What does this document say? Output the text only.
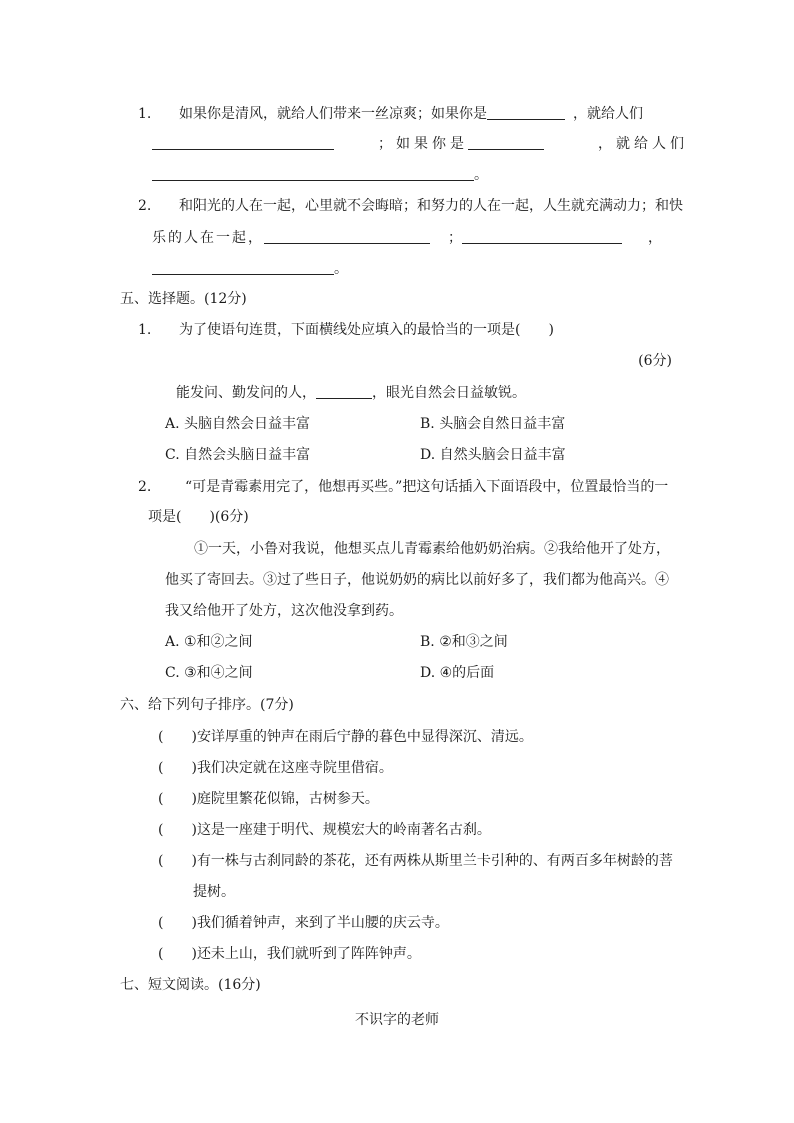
1. 如果你是清风，就给人们带来一丝凉爽；如果你是	，就给人们
；如果你是	，就给人们
。
2. 和阳光的人在一起，心里就不会晦暗；和努力的人在一起，人生就充满动力；和快
乐的人在一起，	；	，
。
五、选择题。(12分)
1. 为了使语句连贯，下面横线处应填入的最恰当的一项是(　　)
(6分)
能发问、勤发问的人，	，眼光自然会日益敏锐。
A. 头脑自然会日益丰富	B. 头脑会自然日益丰富
C. 自然会头脑日益丰富	D. 自然头脑会日益丰富
2. “可是青霉素用完了，他想再买些。”把这句话插入下面语段中，位置最恰当的一
项是(　　)(6分)
①一天，小鲁对我说，他想买点儿青霉素给他奶奶治病。②我给他开了处方，
他买了寄回去。③过了些日子，他说奶奶的病比以前好多了，我们都为他高兴。④
我又给他开了处方，这次他没拿到药。
A. ①和②之间	B. ②和③之间
C. ③和④之间	D. ④的后面
六、给下列句子排序。(7分)
(　　)安详厚重的钟声在雨后宁静的暮色中显得深沉、清远。
(　　)我们决定就在这座寺院里借宿。
(　　)庭院里繁花似锦，古树参天。
(　　)这是一座建于明代、规模宏大的岭南著名古刹。
(　　)有一株与古刹同龄的茶花，还有两株从斯里兰卡引种的、有两百多年树龄的菩
提树。
(　　)我们循着钟声，来到了半山腰的庆云寺。
(　　)还未上山，我们就听到了阵阵钟声。
七、短文阅读。(16分)
不识字的老师
